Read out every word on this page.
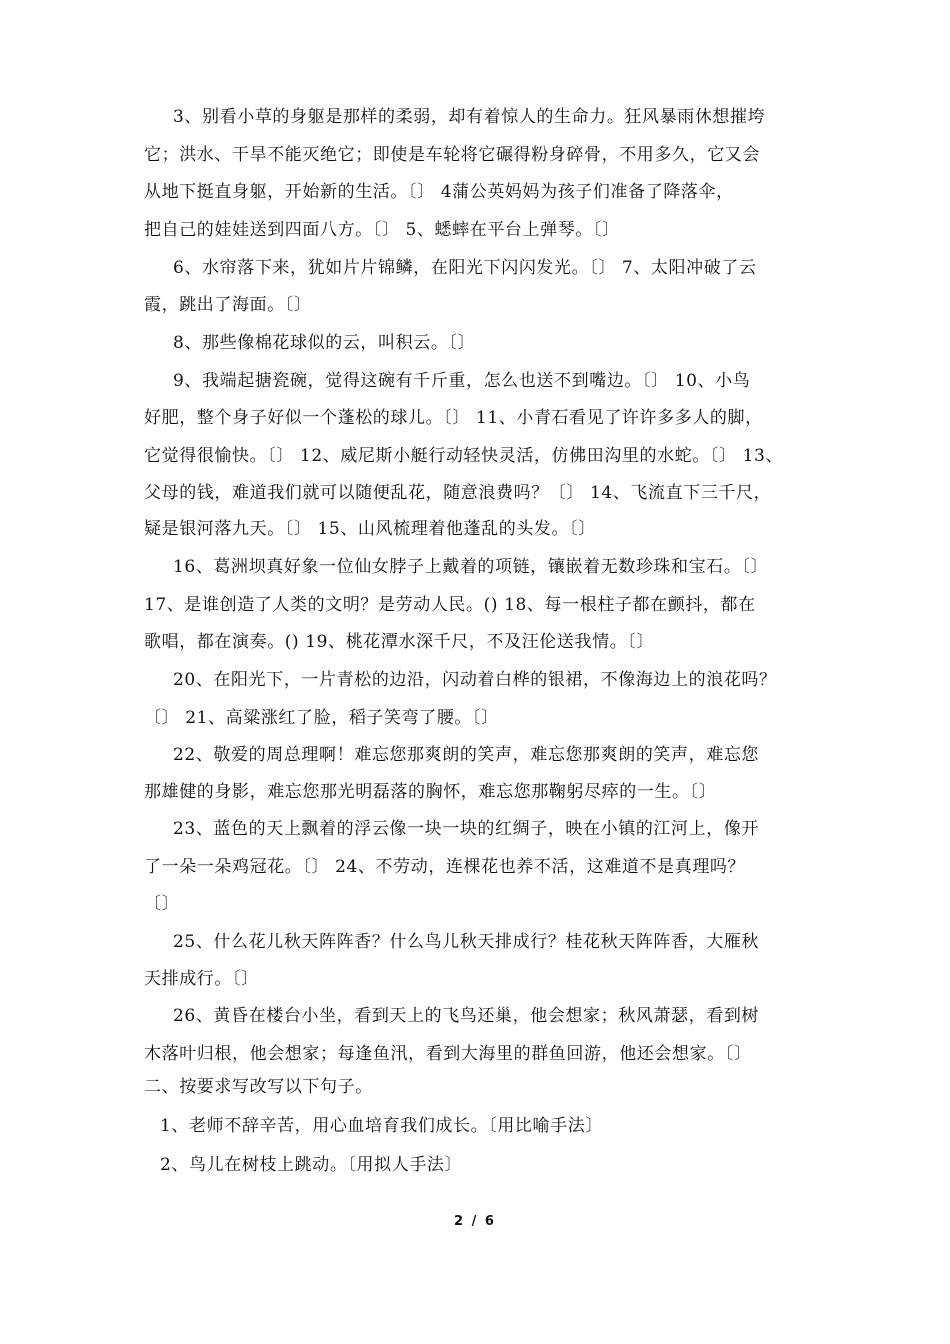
3、别看小草的身躯是那样的柔弱，却有着惊人的生命力。狂风暴雨休想摧垮
它；洪水、干旱不能灭绝它；即使是车轮将它碾得粉身碎骨，不用多久，它又会
从地下挺直身躯，开始新的生活。〔〕 4蒲公英妈妈为孩子们准备了降落伞，
把自己的娃娃送到四面八方。〔〕 5、蟋蟀在平台上弹琴。〔〕
6、水帘落下来，犹如片片锦鳞，在阳光下闪闪发光。〔〕 7、太阳冲破了云
霞，跳出了海面。〔〕
8、那些像棉花球似的云，叫积云。〔〕
9、我端起搪瓷碗，觉得这碗有千斤重，怎么也送不到嘴边。〔〕 10、小鸟
好肥，整个身子好似一个蓬松的球儿。〔〕 11、小青石看见了许许多多人的脚，
它觉得很愉快。〔〕 12、威尼斯小艇行动轻快灵活，仿佛田沟里的水蛇。〔〕 13、
父母的钱，难道我们就可以随便乱花，随意浪费吗？〔〕 14、飞流直下三千尺，
疑是银河落九天。〔〕 15、山风梳理着他蓬乱的头发。〔〕
16、葛洲坝真好象一位仙女脖子上戴着的项链，镶嵌着无数珍珠和宝石。〔〕
17、是谁创造了人类的文明？是劳动人民。() 18、每一根柱子都在颤抖，都在
歌唱，都在演奏。() 19、桃花潭水深千尺，不及汪伦送我情。〔〕
20、在阳光下，一片青松的边沿，闪动着白桦的银裙，不像海边上的浪花吗？
〔〕 21、高粱涨红了脸，稻子笑弯了腰。〔〕
22、敬爱的周总理啊！难忘您那爽朗的笑声，难忘您那爽朗的笑声，难忘您
那雄健的身影，难忘您那光明磊落的胸怀，难忘您那鞠躬尽瘁的一生。〔〕
23、蓝色的天上飘着的浮云像一块一块的红绸子，映在小镇的江河上，像开
了一朵一朵鸡冠花。〔〕 24、不劳动，连棵花也养不活，这难道不是真理吗？
〔〕
25、什么花儿秋天阵阵香？什么鸟儿秋天排成行？桂花秋天阵阵香，大雁秋
天排成行。〔〕
26、黄昏在楼台小坐，看到天上的飞鸟还巢，他会想家；秋风萧瑟，看到树
木落叶归根，他会想家；每逢鱼汛，看到大海里的群鱼回游，他还会想家。〔〕
二、按要求写改写以下句子。
1、老师不辞辛苦，用心血培育我们成长。〔用比喻手法〕
2、鸟儿在树枝上跳动。〔用拟人手法〕
2 / 6
